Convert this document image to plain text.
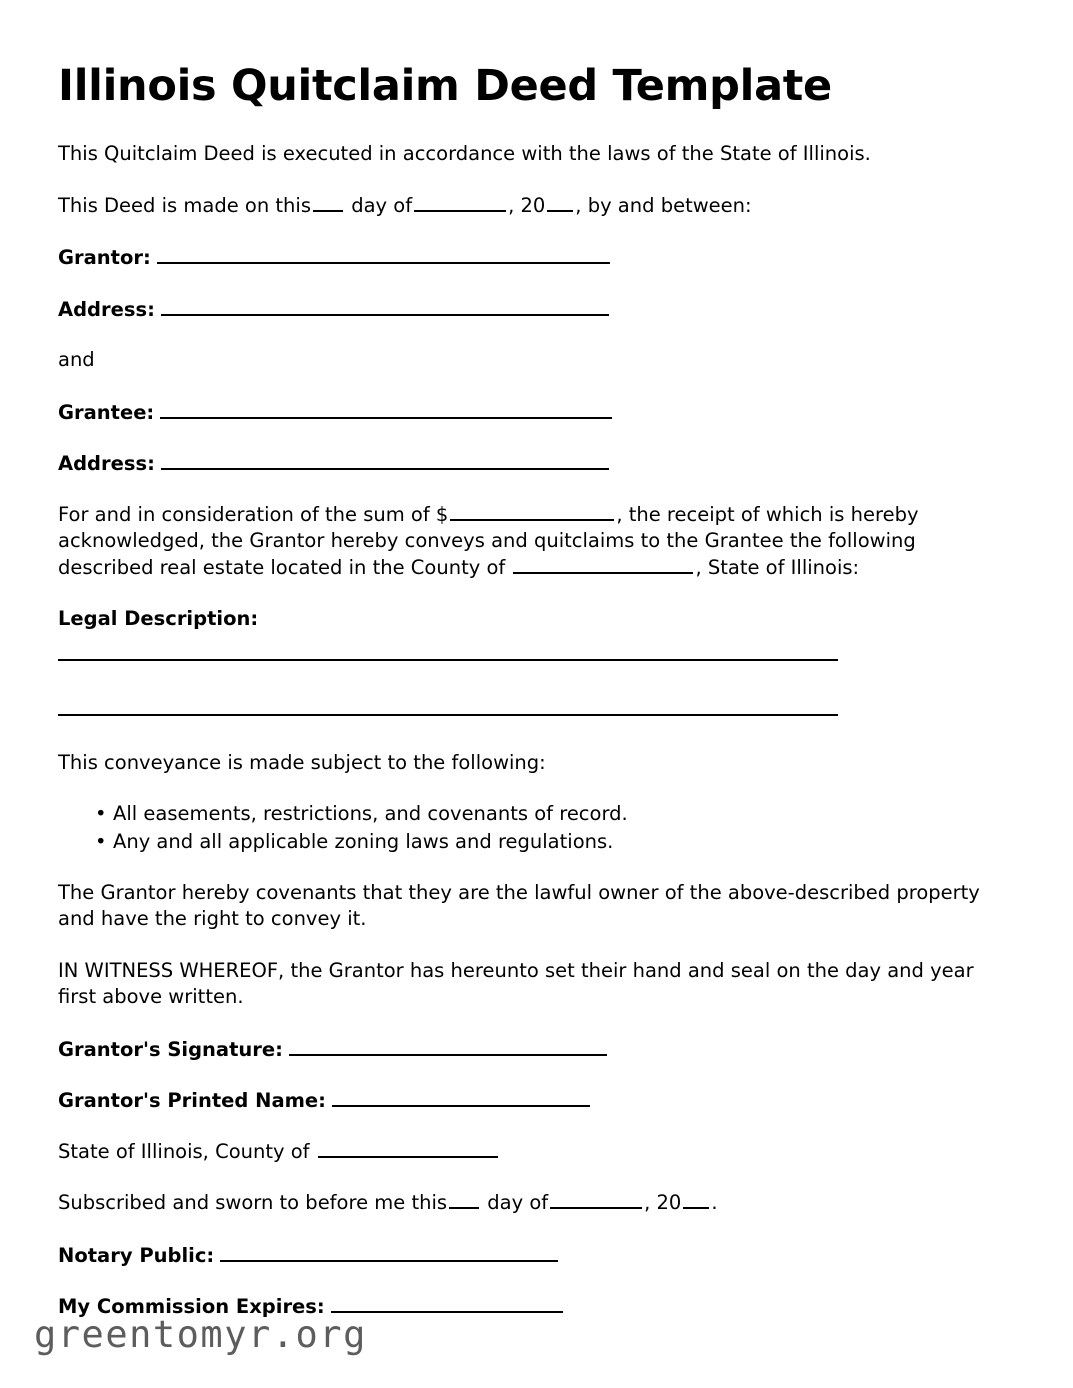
Illinois Quitclaim Deed Template

This Quitclaim Deed is executed in accordance with the laws of the State of Illinois.

This Deed is made on this day of	, 20 , by and between:

Grantor:
Address:

and

Grantee:
Address:

For and in consideration of the sum of $	, the receipt of which is hereby acknowledged, the Grantor hereby conveys and quitclaims to the Grantee the following described real estate located in the County of	, State of Illinois:

Legal Description:

This conveyance is made subject to the following:

• All easements, restrictions, and covenants of record.
• Any and all applicable zoning laws and regulations.

The Grantor hereby covenants that they are the lawful owner of the above-described property and have the right to convey it.

IN WITNESS WHEREOF, the Grantor has hereunto set their hand and seal on the day and year first above written.

Grantor's Signature:
Grantor's Printed Name:

State of Illinois, County of

Subscribed and sworn to before me this day of	, 20 .

Notary Public:
My Commission Expires:
greentomyr.org
